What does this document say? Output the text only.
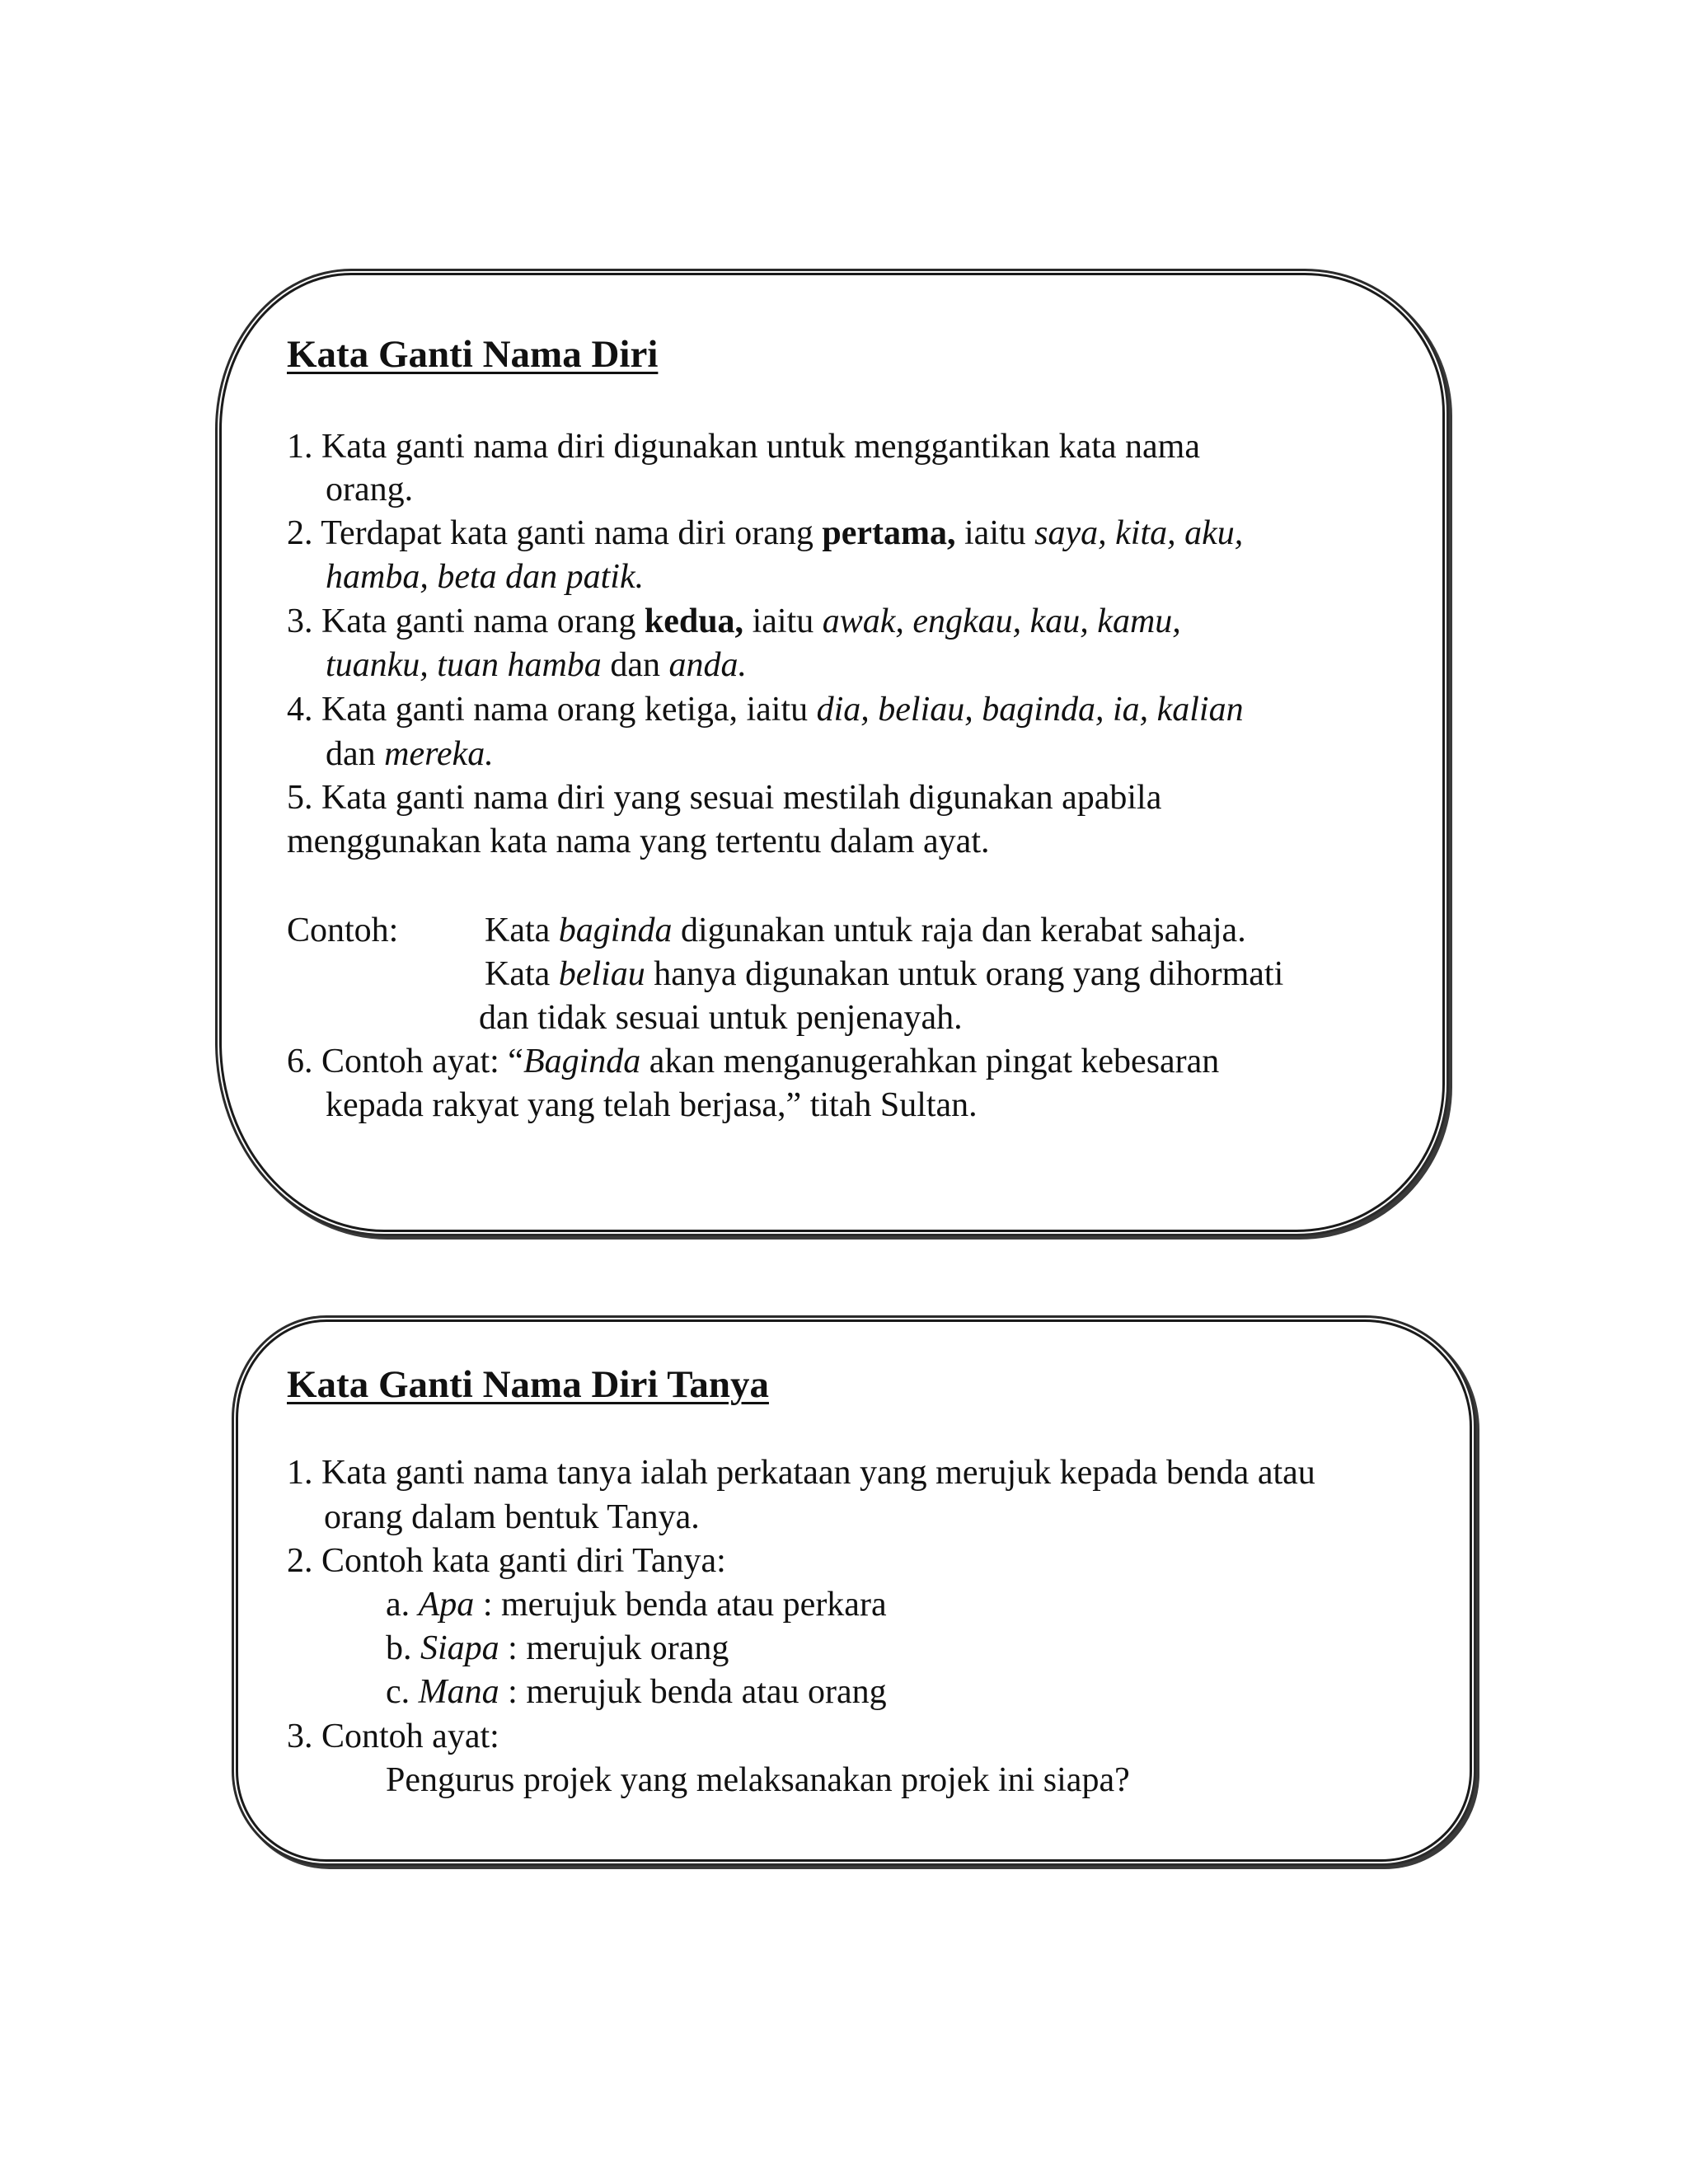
Kata Ganti Nama Diri
1. Kata ganti nama diri digunakan untuk menggantikan kata nama
orang.
2. Terdapat kata ganti nama diri orang pertama, iaitu saya, kita, aku,
hamba, beta dan patik.
3. Kata ganti nama orang kedua, iaitu awak, engkau, kau, kamu,
tuanku, tuan hamba dan anda.
4. Kata ganti nama orang ketiga, iaitu dia, beliau, baginda, ia, kalian
dan mereka.
5. Kata ganti nama diri yang sesuai mestilah digunakan apabila
menggunakan kata nama yang tertentu dalam ayat.
Contoh: Kata baginda digunakan untuk raja dan kerabat sahaja.
Kata beliau hanya digunakan untuk orang yang dihormati
dan tidak sesuai untuk penjenayah.
6. Contoh ayat: “Baginda akan menganugerahkan pingat kebesaran
kepada rakyat yang telah berjasa,” titah Sultan.
Kata Ganti Nama Diri Tanya
1. Kata ganti nama tanya ialah perkataan yang merujuk kepada benda atau
orang dalam bentuk Tanya.
2. Contoh kata ganti diri Tanya:
a. Apa : merujuk benda atau perkara
b. Siapa : merujuk orang
c. Mana : merujuk benda atau orang
3. Contoh ayat:
Pengurus projek yang melaksanakan projek ini siapa?
